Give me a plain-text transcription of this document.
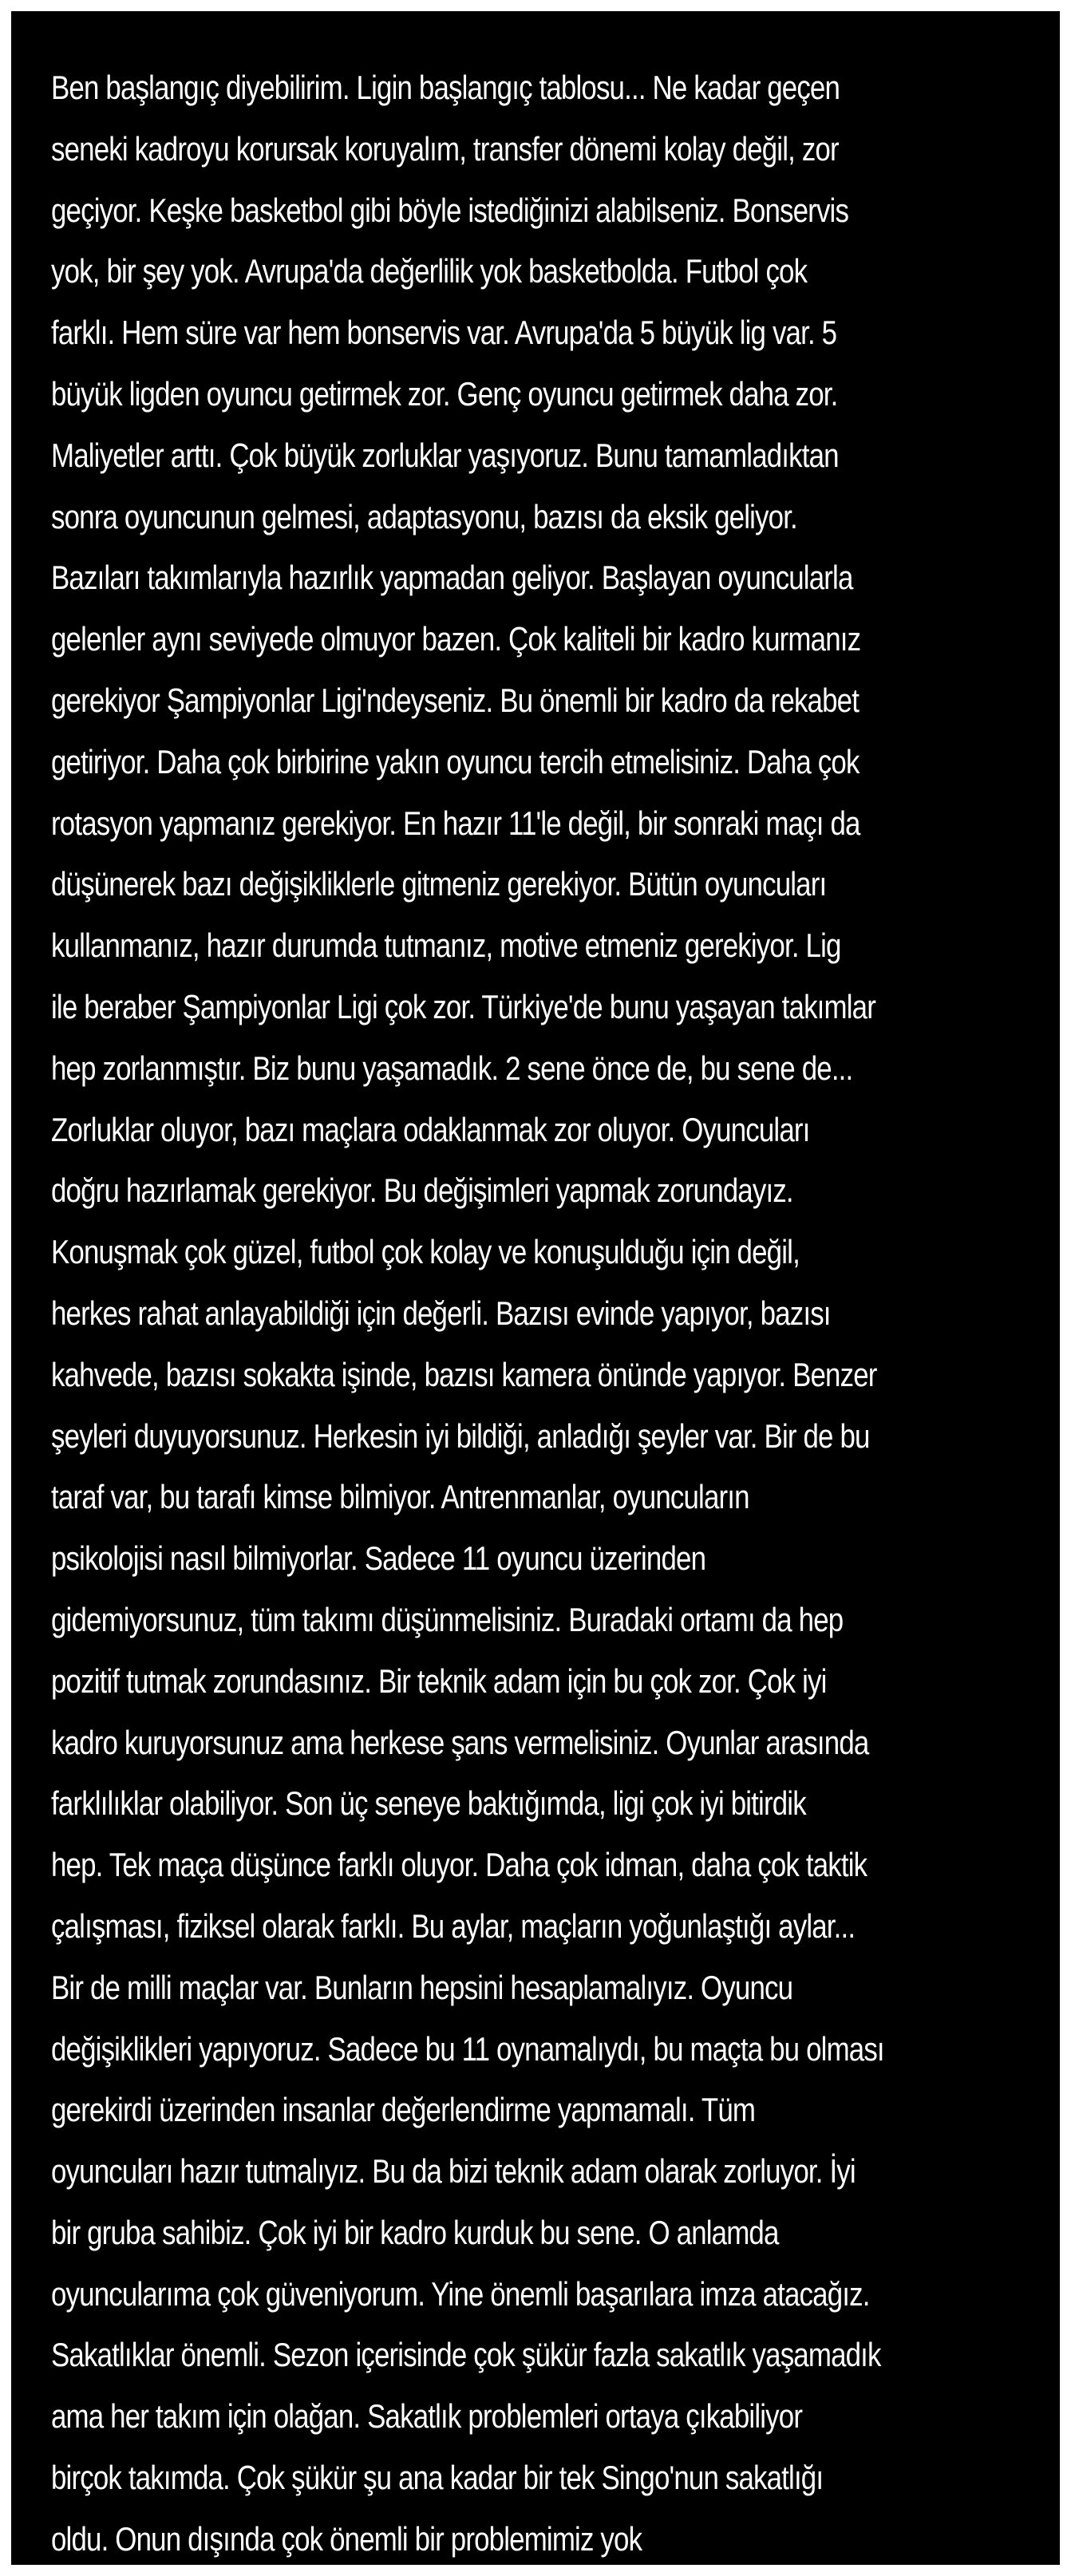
Ben başlangıç diyebilirim. Ligin başlangıç tablosu... Ne kadar geçen
seneki kadroyu korursak koruyalım, transfer dönemi kolay değil, zor
geçiyor. Keşke basketbol gibi böyle istediğinizi alabilseniz. Bonservis
yok, bir şey yok. Avrupa'da değerlilik yok basketbolda. Futbol çok
farklı. Hem süre var hem bonservis var. Avrupa'da 5 büyük lig var. 5
büyük ligden oyuncu getirmek zor. Genç oyuncu getirmek daha zor.
Maliyetler arttı. Çok büyük zorluklar yaşıyoruz. Bunu tamamladıktan
sonra oyuncunun gelmesi, adaptasyonu, bazısı da eksik geliyor.
Bazıları takımlarıyla hazırlık yapmadan geliyor. Başlayan oyuncularla
gelenler aynı seviyede olmuyor bazen. Çok kaliteli bir kadro kurmanız
gerekiyor Şampiyonlar Ligi'ndeyseniz. Bu önemli bir kadro da rekabet
getiriyor. Daha çok birbirine yakın oyuncu tercih etmelisiniz. Daha çok
rotasyon yapmanız gerekiyor. En hazır 11'le değil, bir sonraki maçı da
düşünerek bazı değişikliklerle gitmeniz gerekiyor. Bütün oyuncuları
kullanmanız, hazır durumda tutmanız, motive etmeniz gerekiyor. Lig
ile beraber Şampiyonlar Ligi çok zor. Türkiye'de bunu yaşayan takımlar
hep zorlanmıştır. Biz bunu yaşamadık. 2 sene önce de, bu sene de...
Zorluklar oluyor, bazı maçlara odaklanmak zor oluyor. Oyuncuları
doğru hazırlamak gerekiyor. Bu değişimleri yapmak zorundayız.
Konuşmak çok güzel, futbol çok kolay ve konuşulduğu için değil,
herkes rahat anlayabildiği için değerli. Bazısı evinde yapıyor, bazısı
kahvede, bazısı sokakta işinde, bazısı kamera önünde yapıyor. Benzer
şeyleri duyuyorsunuz. Herkesin iyi bildiği, anladığı şeyler var. Bir de bu
taraf var, bu tarafı kimse bilmiyor. Antrenmanlar, oyuncuların
psikolojisi nasıl bilmiyorlar. Sadece 11 oyuncu üzerinden
gidemiyorsunuz, tüm takımı düşünmelisiniz. Buradaki ortamı da hep
pozitif tutmak zorundasınız. Bir teknik adam için bu çok zor. Çok iyi
kadro kuruyorsunuz ama herkese şans vermelisiniz. Oyunlar arasında
farklılıklar olabiliyor. Son üç seneye baktığımda, ligi çok iyi bitirdik
hep. Tek maça düşünce farklı oluyor. Daha çok idman, daha çok taktik
çalışması, fiziksel olarak farklı. Bu aylar, maçların yoğunlaştığı aylar...
Bir de milli maçlar var. Bunların hepsini hesaplamalıyız. Oyuncu
değişiklikleri yapıyoruz. Sadece bu 11 oynamalıydı, bu maçta bu olması
gerekirdi üzerinden insanlar değerlendirme yapmamalı. Tüm
oyuncuları hazır tutmalıyız. Bu da bizi teknik adam olarak zorluyor. İyi
bir gruba sahibiz. Çok iyi bir kadro kurduk bu sene. O anlamda
oyuncularıma çok güveniyorum. Yine önemli başarılara imza atacağız.
Sakatlıklar önemli. Sezon içerisinde çok şükür fazla sakatlık yaşamadık
ama her takım için olağan. Sakatlık problemleri ortaya çıkabiliyor
birçok takımda. Çok şükür şu ana kadar bir tek Singo'nun sakatlığı
oldu. Onun dışında çok önemli bir problemimiz yok
